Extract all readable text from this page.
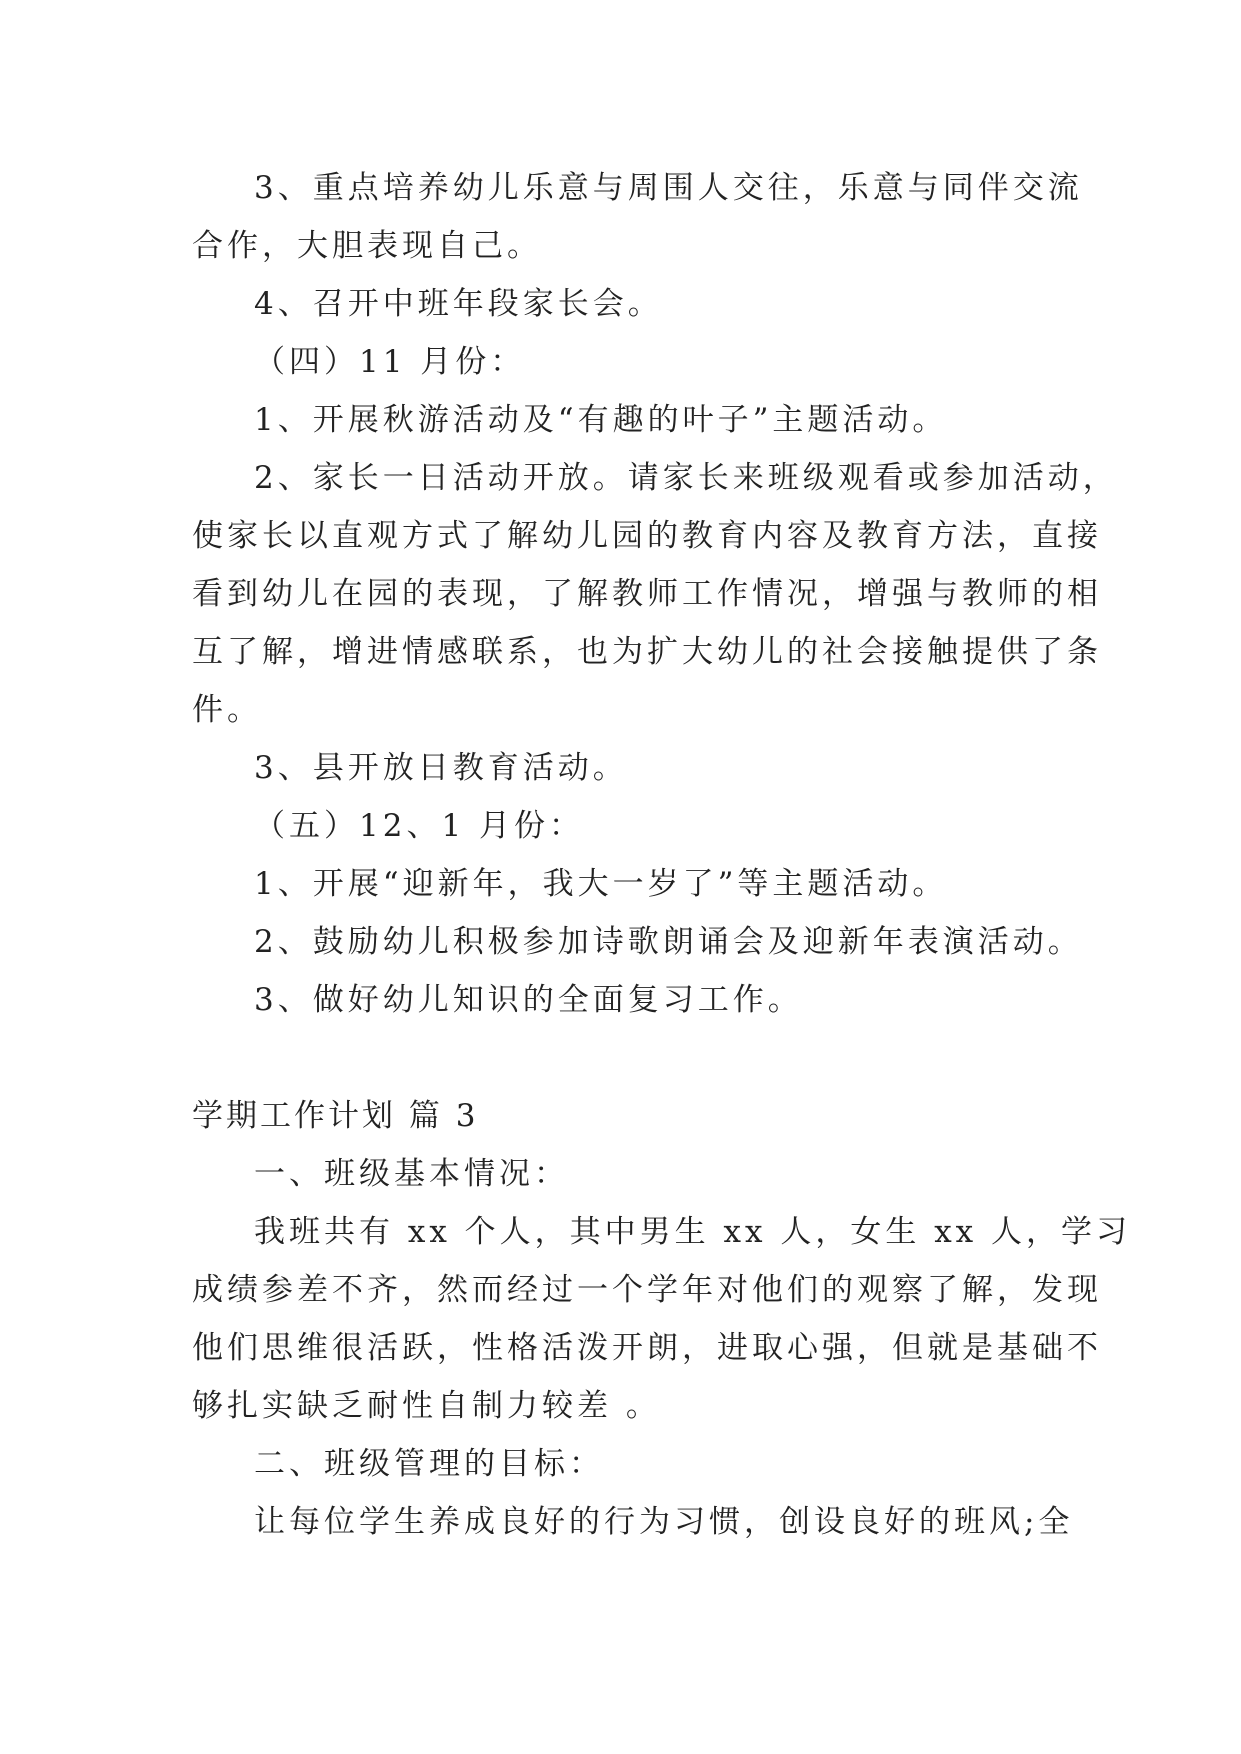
3、重点培养幼儿乐意与周围人交往，乐意与同伴交流

合作，大胆表现自己。

4、召开中班年段家长会。

（四）11 月份：

1、开展秋游活动及“有趣的叶子”主题活动。

2、家长一日活动开放。请家长来班级观看或参加活动，

使家长以直观方式了解幼儿园的教育内容及教育方法，直接

看到幼儿在园的表现，了解教师工作情况，增强与教师的相

互了解，增进情感联系，也为扩大幼儿的社会接触提供了条

件。

3、县开放日教育活动。

（五）12、1 月份：

1、开展“迎新年，我大一岁了”等主题活动。

2、鼓励幼儿积极参加诗歌朗诵会及迎新年表演活动。

3、做好幼儿知识的全面复习工作。

学期工作计划 篇 3

一、班级基本情况：

我班共有 xx 个人，其中男生 xx 人，女生 xx 人，学习

成绩参差不齐，然而经过一个学年对他们的观察了解，发现

他们思维很活跃，性格活泼开朗，进取心强，但就是基础不

够扎实缺乏耐性自制力较差 。

二、班级管理的目标：

让每位学生养成良好的行为习惯，创设良好的班风;全
